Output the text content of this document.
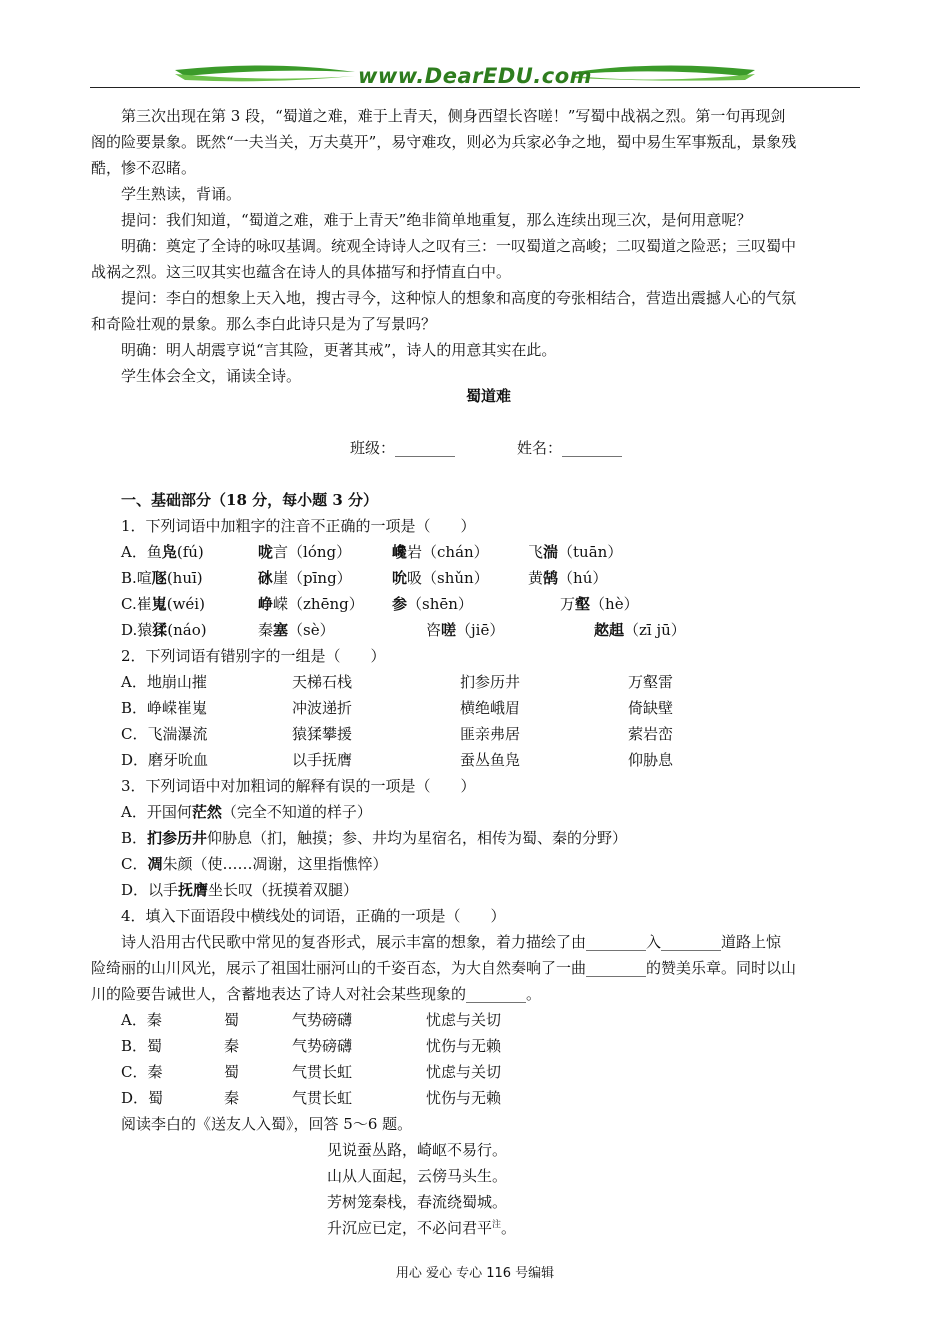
www.DearEDU.com
第三次出现在第 3 段，“蜀道之难，难于上青天，侧身西望长咨嗟！”写蜀中战祸之烈。第一句再现剑
阁的险要景象。既然“一夫当关，万夫莫开”，易守难攻，则必为兵家必争之地，蜀中易生军事叛乱，景象残
酷，惨不忍睹。
学生熟读，背诵。
提问：我们知道，“蜀道之难，难于上青天”绝非简单地重复，那么连续出现三次，是何用意呢？
明确：奠定了全诗的咏叹基调。统观全诗诗人之叹有三：一叹蜀道之高峻；二叹蜀道之险恶；三叹蜀中
战祸之烈。这三叹其实也蕴含在诗人的具体描写和抒情直白中。
提问：李白的想象上天入地，搜古寻今，这种惊人的想象和高度的夸张相结合，营造出震撼人心的气氛
和奇险壮观的景象。那么李白此诗只是为了写景吗？
明确：明人胡震亨说“言其险，更著其戒”，诗人的用意其实在此。
学生体会全文，诵读全诗。
蜀道难
班级：________	姓名：________
一、基础部分（18 分，每小题 3 分）
1．下列词语中加粗字的注音不正确的一项是（　　）
A．鱼凫(fú)	咙言（lóng）	巉岩（chán）	飞湍（tuān）
B.喧豗(huī)	砯崖（pīng）	吮吸（shǔn）	黄鹄（hú）
C.崔嵬(wéi)	峥嵘（zhēng） 参（shēn）	万壑（hè）
D.猿猱(náo)	秦塞（sè）	咨嗟（jiē）	趑趄（zī jū）
2．下列词语有错别字的一组是（　　）
A．地崩山摧	天梯石栈	扪参历井	万壑雷
B．峥嵘崔嵬	冲波递折	横绝峨眉	倚缺壁
C．飞湍瀑流	猿猱攀援	匪亲弗居	萦岩峦
D．磨牙吮血	以手抚膺	蚕丛鱼凫	仰胁息
3．下列词语中对加粗词的解释有误的一项是（　　）
A．开国何茫然（完全不知道的样子）
B．扪参历井仰胁息（扪，触摸；参、井均为星宿名，相传为蜀、秦的分野）
C．凋朱颜（使……凋谢，这里指憔悴）
D．以手抚膺坐长叹（抚摸着双腿）
4．填入下面语段中横线处的词语，正确的一项是（　　）
诗人沿用古代民歌中常见的复沓形式，展示丰富的想象，着力描绘了由________入________道路上惊
险绮丽的山川风光，展示了祖国壮丽河山的千姿百态，为大自然奏响了一曲________的赞美乐章。同时以山
川的险要告诫世人，含蓄地表达了诗人对社会某些现象的________。
A．秦	蜀	气势磅礴	忧虑与关切
B．蜀	秦	气势磅礴	忧伤与无赖
C．秦	蜀	气贯长虹	忧虑与关切
D．蜀	秦	气贯长虹	忧伤与无赖
阅读李白的《送友人入蜀》，回答 5～6 题。
见说蚕丛路，崎岖不易行。
山从人面起，云傍马头生。
芳树笼秦栈，春流绕蜀城。
升沉应已定，不必问君平$^注$。
用心 爱心 专心 116 号编辑
